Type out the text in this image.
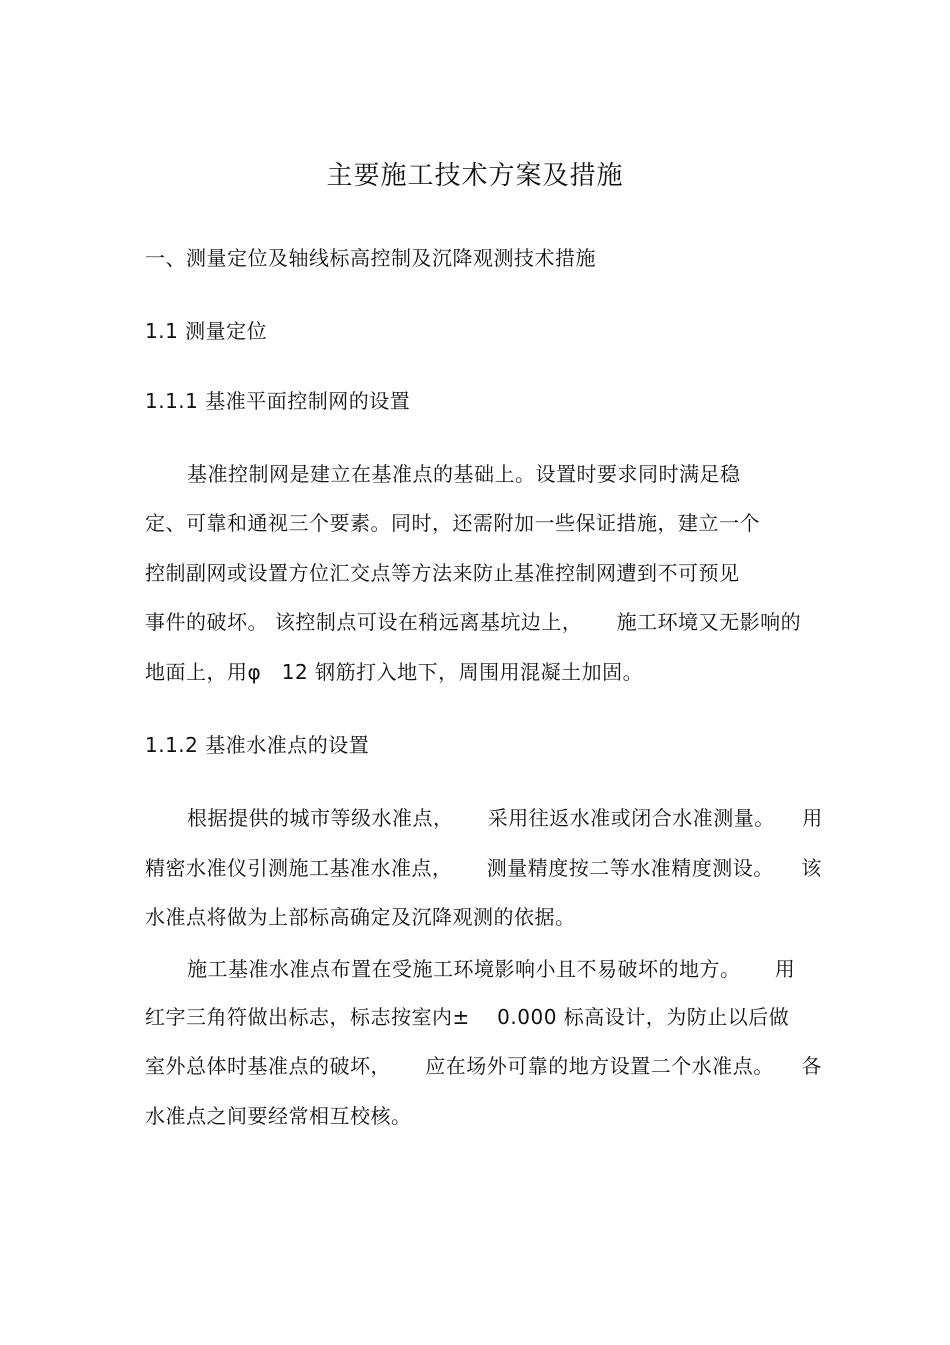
主要施工技术方案及措施
一、测量定位及轴线标高控制及沉降观测技术措施
1.1 测量定位
1.1.1 基准平面控制网的设置
基准控制网是建立在基准点的基础上。设置时要求同时满足稳
定、可靠和通视三个要素。同时，还需附加一些保证措施，建立一个
控制副网或设置方位汇交点等方法来防止基准控制网遭到不可预见
事件的破坏。 该控制点可设在稍远离基坑边上，     施工环境又无影响的
地面上，用φ   12 钢筋打入地下，周围用混凝土加固。
1.1.2 基准水准点的设置
根据提供的城市等级水准点，     采用往返水准或闭合水准测量。    用
精密水准仪引测施工基准水准点，     测量精度按二等水准精度测设。    该
水准点将做为上部标高确定及沉降观测的依据。
施工基准水准点布置在受施工环境影响小且不易破坏的地方。     用
红字三角符做出标志，标志按室内±    0.000 标高设计，为防止以后做
室外总体时基准点的破坏，     应在场外可靠的地方设置二个水准点。    各
水准点之间要经常相互校核。
